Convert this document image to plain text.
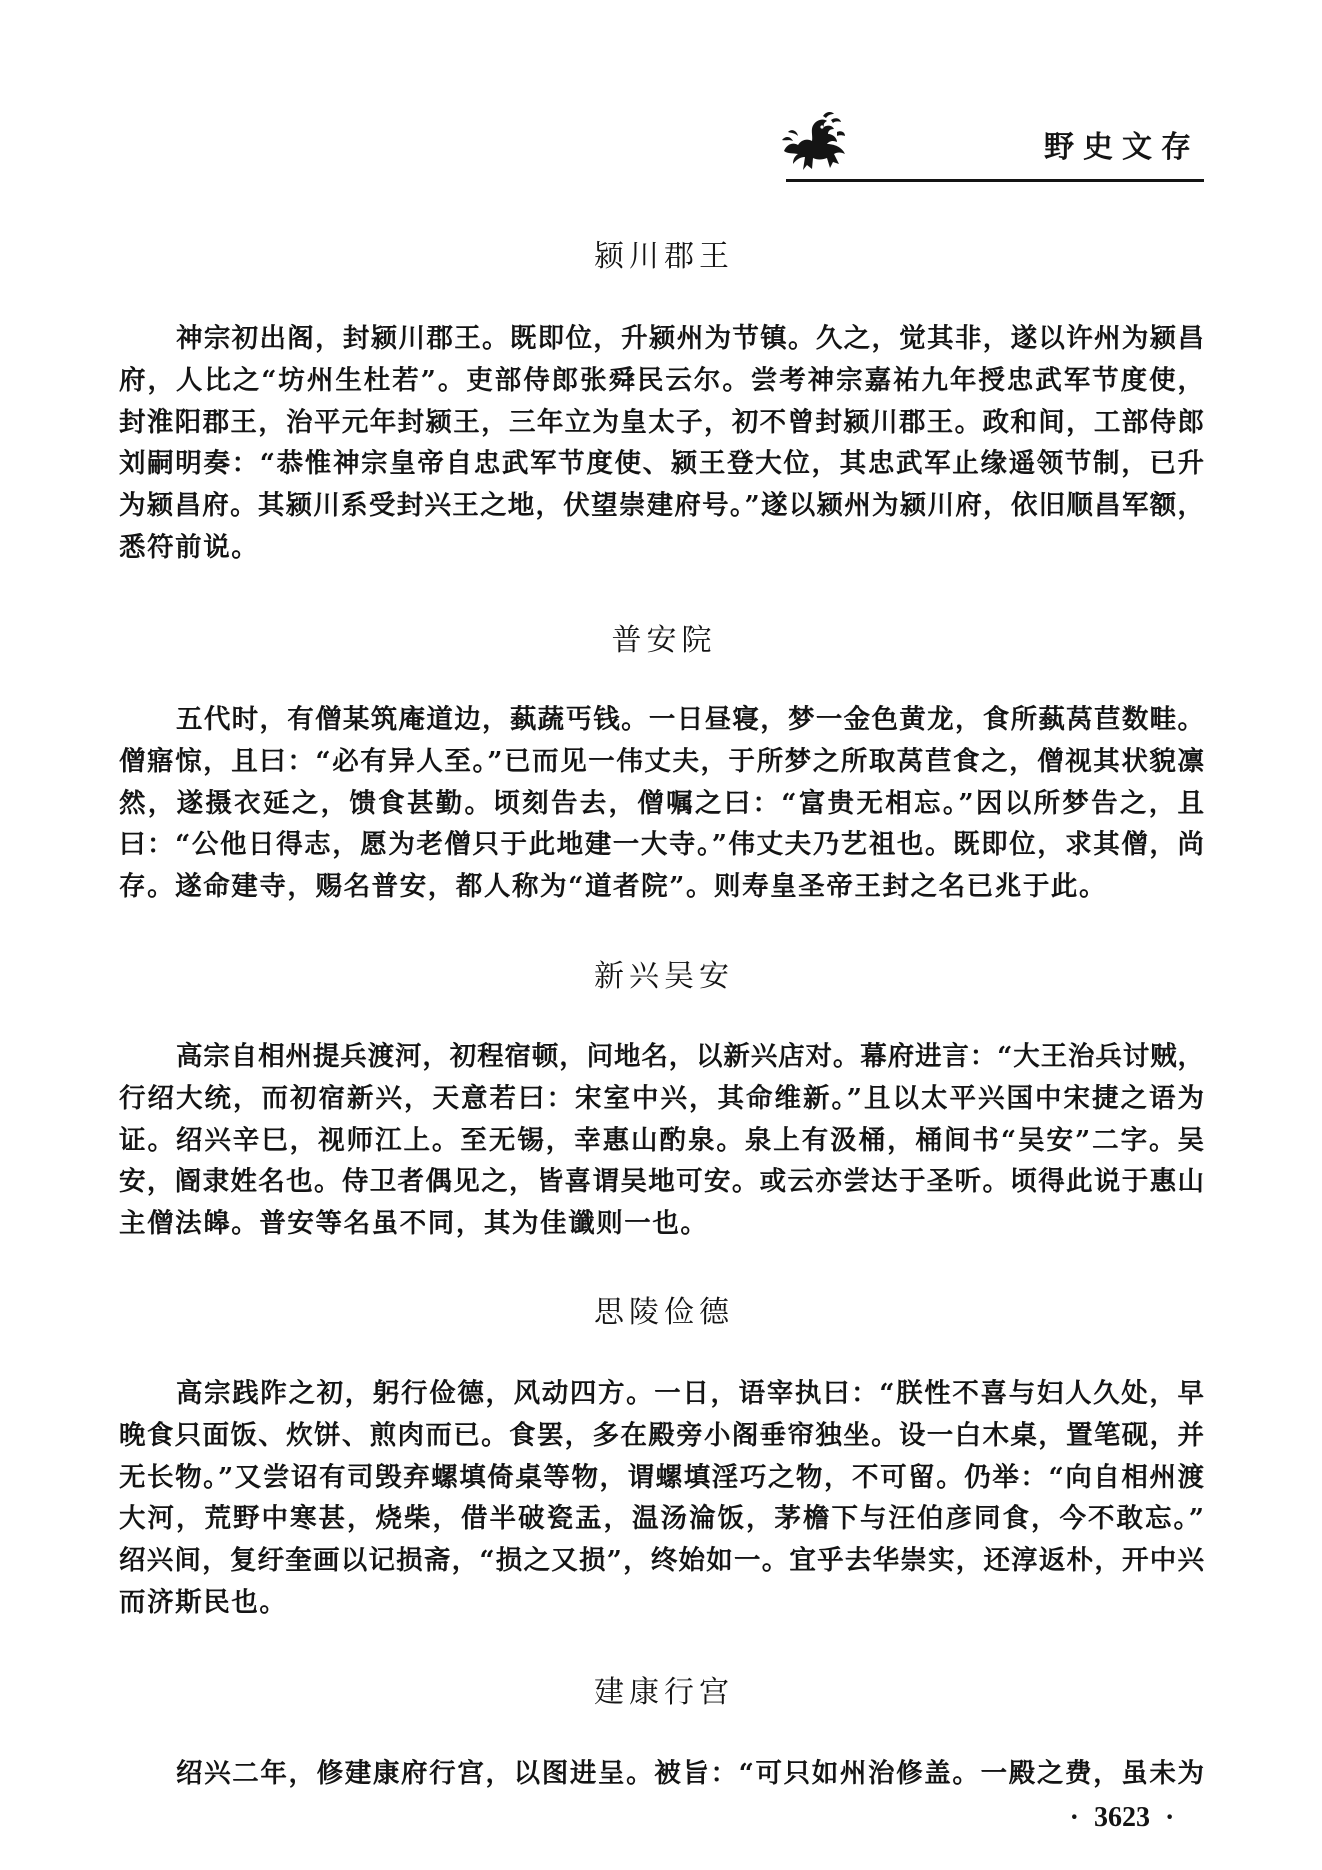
野史文存
颍川郡王
神宗初出阁，封颍川郡王。既即位，升颍州为节镇。久之，觉其非，遂以许州为颍昌
府，人比之“坊州生杜若”。吏部侍郎张舜民云尔。尝考神宗嘉祐九年授忠武军节度使，
封淮阳郡王，治平元年封颍王，三年立为皇太子，初不曾封颍川郡王。政和间，工部侍郎
刘嗣明奏：“恭惟神宗皇帝自忠武军节度使、颍王登大位，其忠武军止缘遥领节制，已升
为颍昌府。其颍川系受封兴王之地，伏望崇建府号。”遂以颍州为颍川府，依旧顺昌军额，
悉符前说。
普安院
五代时，有僧某筑庵道边，蓺蔬丐钱。一日昼寝，梦一金色黄龙，食所蓺莴苣数畦。
僧寤惊，且曰：“必有异人至。”已而见一伟丈夫，于所梦之所取莴苣食之，僧视其状貌凛
然，遂摄衣延之，馈食甚勤。顷刻告去，僧嘱之曰：“富贵无相忘。”因以所梦告之，且
曰：“公他日得志，愿为老僧只于此地建一大寺。”伟丈夫乃艺祖也。既即位，求其僧，尚
存。遂命建寺，赐名普安，都人称为“道者院”。则寿皇圣帝王封之名已兆于此。
新兴吴安
高宗自相州提兵渡河，初程宿顿，问地名，以新兴店对。幕府进言：“大王治兵讨贼，
行绍大统，而初宿新兴，天意若曰：宋室中兴，其命维新。”且以太平兴国中宋捷之语为
证。绍兴辛巳，视师江上。至无锡，幸惠山酌泉。泉上有汲桶，桶间书“吴安”二字。吴
安，阍隶姓名也。侍卫者偶见之，皆喜谓吴地可安。或云亦尝达于圣听。顷得此说于惠山
主僧法皞。普安等名虽不同，其为佳谶则一也。
思陵俭德
高宗践阼之初，躬行俭德，风动四方。一日，语宰执曰：“朕性不喜与妇人久处，早
晚食只面饭、炊饼、煎肉而已。食罢，多在殿旁小阁垂帘独坐。设一白木桌，置笔砚，并
无长物。”又尝诏有司毁弃螺填倚桌等物，谓螺填淫巧之物，不可留。仍举：“向自相州渡
大河，荒野中寒甚，烧柴，借半破瓷盂，温汤淪饭，茅檐下与汪伯彦同食，今不敢忘。”
绍兴间，复纡奎画以记损斋，“损之又损”，终始如一。宜乎去华崇实，还淳返朴，开中兴
而济斯民也。
建康行宫
绍兴二年，修建康府行宫，以图进呈。被旨：“可只如州治修盖。一殿之费，虽未为
· 3623 ·
